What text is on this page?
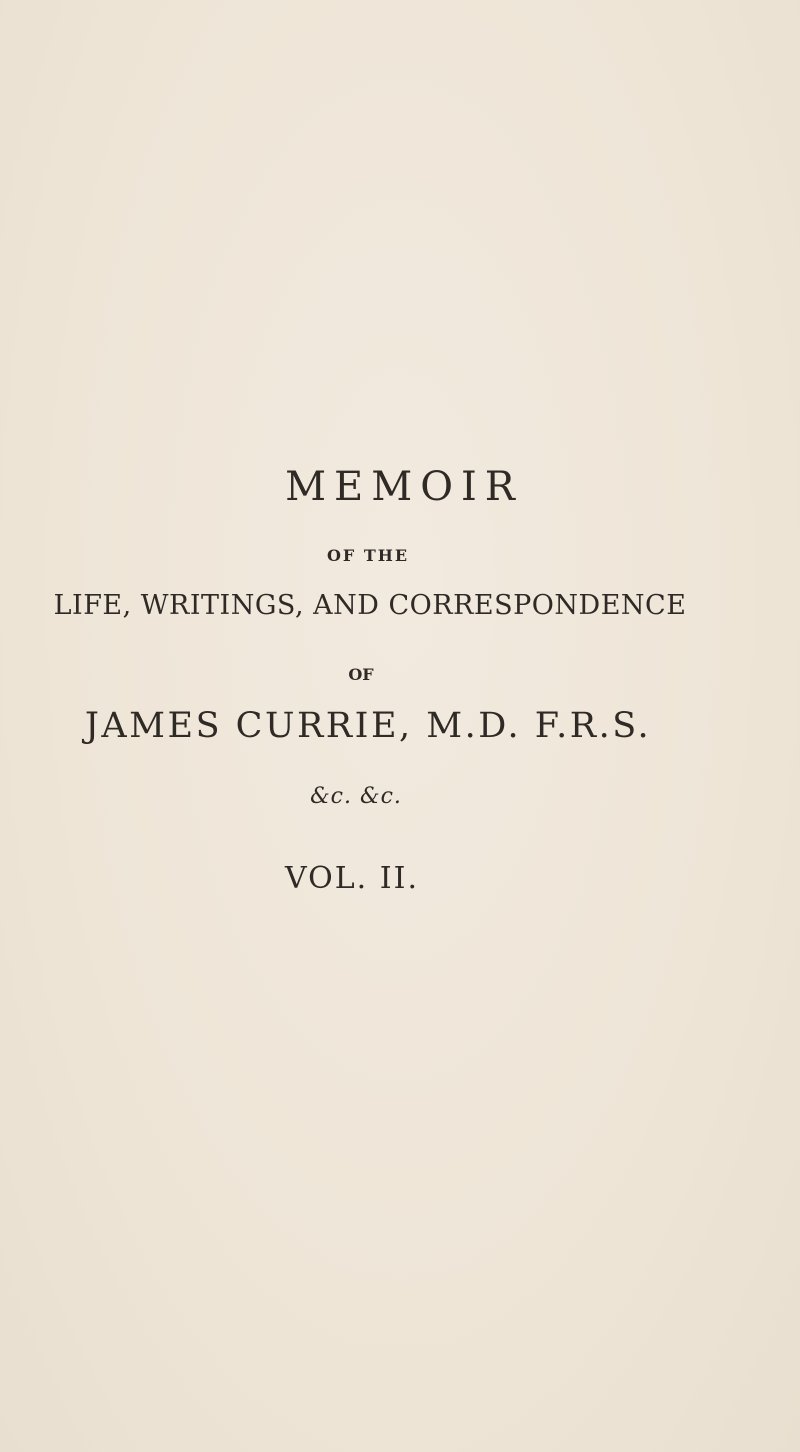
MEMOIR
OF THE
LIFE, WRITINGS, AND CORRESPONDENCE
OF
JAMES CURRIE, M.D. F.R.S.
&c. &c.
VOL. II.
